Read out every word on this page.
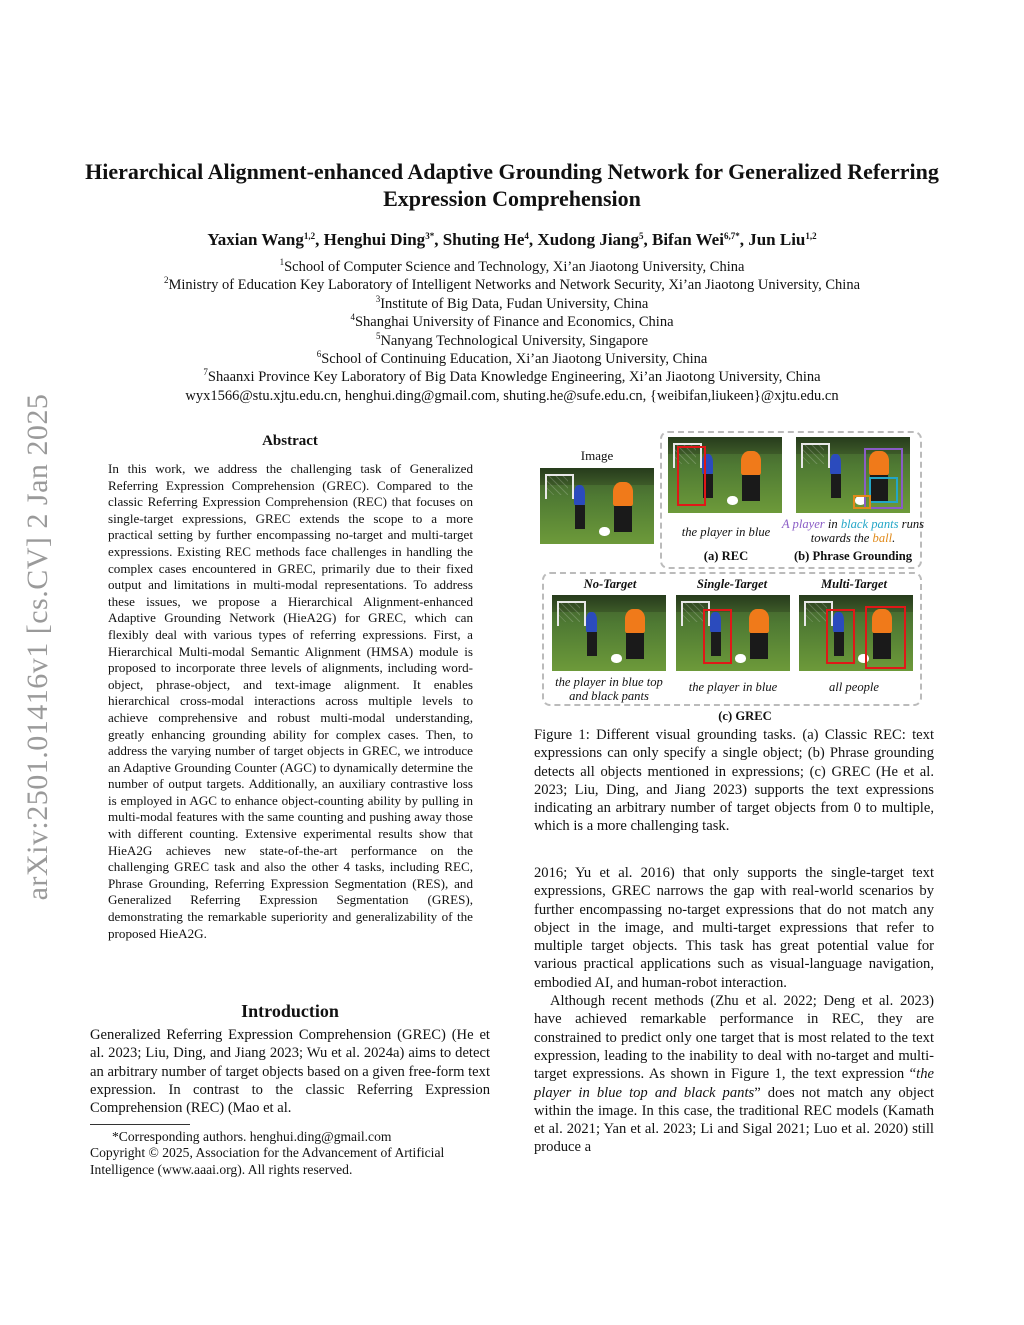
arXiv:2501.01416v1 [cs.CV] 2 Jan 2025
Hierarchical Alignment-enhanced Adaptive Grounding Network for Generalized Referring Expression Comprehension
Yaxian Wang$^{1,2}$, Henghui Ding$^{3*}$, Shuting He$^4$, Xudong Jiang$^5$, Bifan Wei$^{6,7*}$, Jun Liu$^{1,2}$
$^1$School of Computer Science and Technology, Xi’an Jiaotong University, China
$^2$Ministry of Education Key Laboratory of Intelligent Networks and Network Security, Xi’an Jiaotong University, China
$^3$Institute of Big Data, Fudan University, China
$^4$Shanghai University of Finance and Economics, China
$^5$Nanyang Technological University, Singapore
$^6$School of Continuing Education, Xi’an Jiaotong University, China
$^7$Shaanxi Province Key Laboratory of Big Data Knowledge Engineering, Xi’an Jiaotong University, China
wyx1566@stu.xjtu.edu.cn, henghui.ding@gmail.com, shuting.he@sufe.edu.cn, {weibifan,liukeen}@xjtu.edu.cn
Abstract
In this work, we address the challenging task of Generalized Referring Expression Comprehension (GREC). Compared to the classic Referring Expression Comprehension (REC) that focuses on single-target expressions, GREC extends the scope to a more practical setting by further encompassing no-target and multi-target expressions. Existing REC methods face challenges in handling the complex cases encountered in GREC, primarily due to their fixed output and limitations in multi-modal representations. To address these issues, we propose a Hierarchical Alignment-enhanced Adaptive Grounding Network (HieA2G) for GREC, which can flexibly deal with various types of referring expressions. First, a Hierarchical Multi-modal Semantic Alignment (HMSA) module is proposed to incorporate three levels of alignments, including word-object, phrase-object, and text-image alignment. It enables hierarchical cross-modal interactions across multiple levels to achieve comprehensive and robust multi-modal understanding, greatly enhancing grounding ability for complex cases. Then, to address the varying number of target objects in GREC, we introduce an Adaptive Grounding Counter (AGC) to dynamically determine the number of output targets. Additionally, an auxiliary contrastive loss is employed in AGC to enhance object-counting ability by pulling in multi-modal features with the same counting and pushing away those with different counting. Extensive experimental results show that HieA2G achieves new state-of-the-art performance on the challenging GREC task and also the other 4 tasks, including REC, Phrase Grounding, Referring Expression Segmentation (RES), and Generalized Referring Expression Segmentation (GRES), demonstrating the remarkable superiority and generalizability of the proposed HieA2G.
Introduction
Generalized Referring Expression Comprehension (GREC) (He et al. 2023; Liu, Ding, and Jiang 2023; Wu et al. 2024a) aims to detect an arbitrary number of target objects based on a given free-form text expression. In contrast to the classic Referring Expression Comprehension (REC) (Mao et al.
*Corresponding authors. henghui.ding@gmail.com
Copyright © 2025, Association for the Advancement of Artificial Intelligence (www.aaai.org). All rights reserved.
Image
the player in blue
(a) REC
A player in black pants runs towards the ball.
(b) Phrase Grounding
No-Target	Single-Target	Multi-Target
the player in blue top and black pants
the player in blue	all people
(c) GREC
Figure 1: Different visual grounding tasks. (a) Classic REC: text expressions can only specify a single object; (b) Phrase grounding detects all objects mentioned in expressions; (c) GREC (He et al. 2023; Liu, Ding, and Jiang 2023) supports the text expressions indicating an arbitrary number of target objects from 0 to multiple, which is a more challenging task.

2016; Yu et al. 2016) that only supports the single-target text expressions, GREC narrows the gap with real-world scenarios by further encompassing no-target expressions that do not match any object in the image, and multi-target expressions that refer to multiple target objects. This task has great potential value for various practical applications such as visual-language navigation, embodied AI, and human-robot interaction.

Although recent methods (Zhu et al. 2022; Deng et al. 2023) have achieved remarkable performance in REC, they are constrained to predict only one target that is most related to the text expression, leading to the inability to deal with no-target and multi-target expressions. As shown in Figure 1, the text expression “the player in blue top and black pants” does not match any object within the image. In this case, the traditional REC models (Kamath et al. 2021; Yan et al. 2023; Li and Sigal 2021; Luo et al. 2020) still produce a
